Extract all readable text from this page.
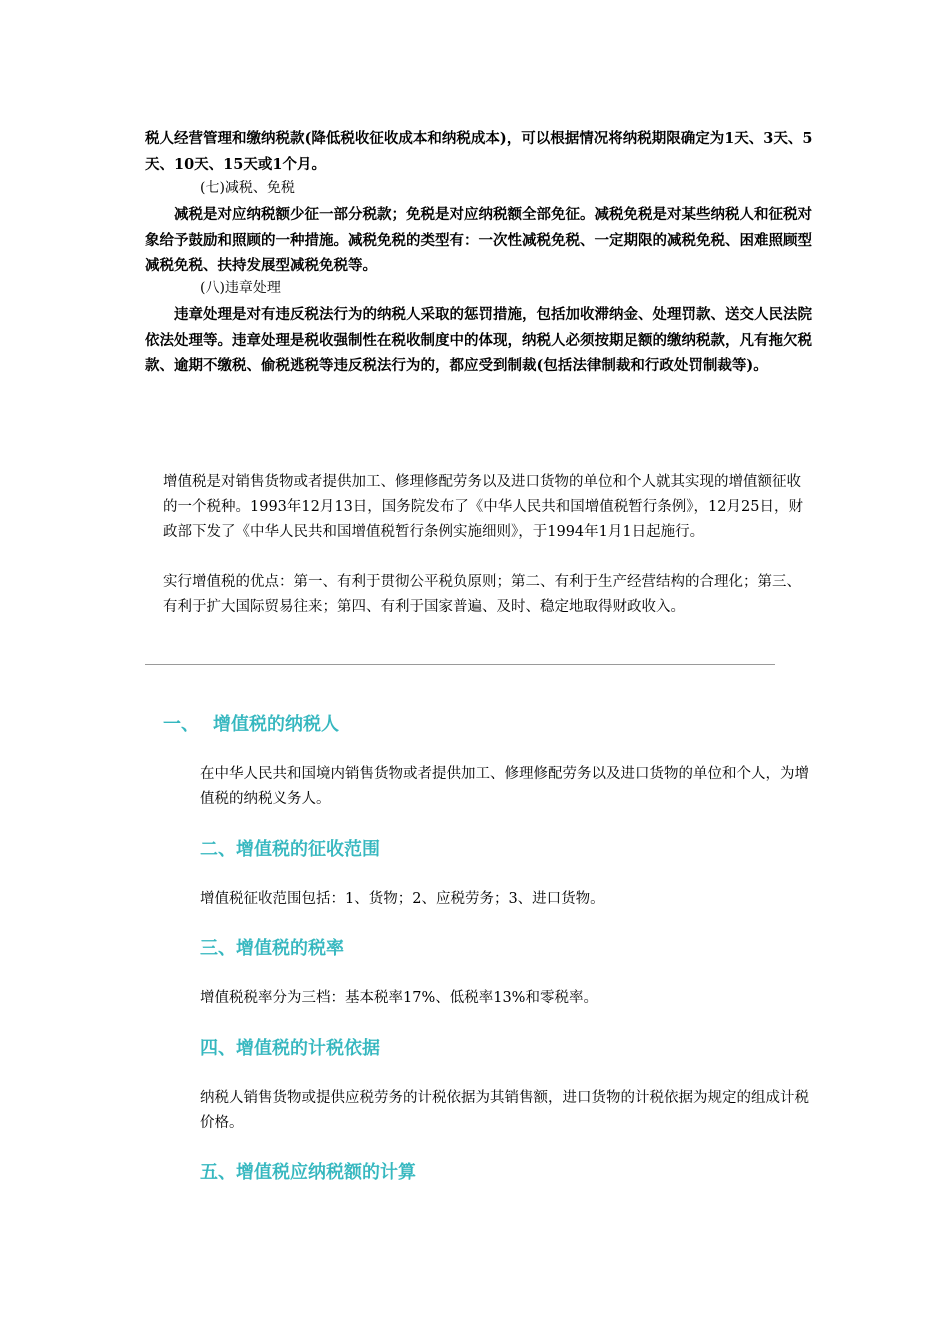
税人经营管理和缴纳税款(降低税收征收成本和纳税成本)，可以根据情况将纳税期限确定为1天、3天、5天、10天、15天或1个月。

(七)减税、免税

减税是对应纳税额少征一部分税款；免税是对应纳税额全部免征。减税免税是对某些纳税人和征税对象给予鼓励和照顾的一种措施。减税免税的类型有：一次性减税免税、一定期限的减税免税、困难照顾型减税免税、扶持发展型减税免税等。

(八)违章处理

违章处理是对有违反税法行为的纳税人采取的惩罚措施，包括加收滞纳金、处理罚款、送交人民法院依法处理等。违章处理是税收强制性在税收制度中的体现，纳税人必须按期足额的缴纳税款，凡有拖欠税款、逾期不缴税、偷税逃税等违反税法行为的，都应受到制裁(包括法律制裁和行政处罚制裁等)。

增值税是对销售货物或者提供加工、修理修配劳务以及进口货物的单位和个人就其实现的增值额征收的一个税种。1993年12月13日，国务院发布了《中华人民共和国增值税暂行条例》，12月25日，财政部下发了《中华人民共和国增值税暂行条例实施细则》，于1994年1月1日起施行。

实行增值税的优点：第一、有利于贯彻公平税负原则；第二、有利于生产经营结构的合理化；第三、有利于扩大国际贸易往来；第四、有利于国家普遍、及时、稳定地取得财政收入。

一、 增值税的纳税人

在中华人民共和国境内销售货物或者提供加工、修理修配劳务以及进口货物的单位和个人，为增值税的纳税义务人。

二、增值税的征收范围

增值税征收范围包括：1、货物；2、应税劳务；3、进口货物。

三、增值税的税率

增值税税率分为三档：基本税率17%、低税率13%和零税率。

四、增值税的计税依据

纳税人销售货物或提供应税劳务的计税依据为其销售额，进口货物的计税依据为规定的组成计税价格。

五、增值税应纳税额的计算
